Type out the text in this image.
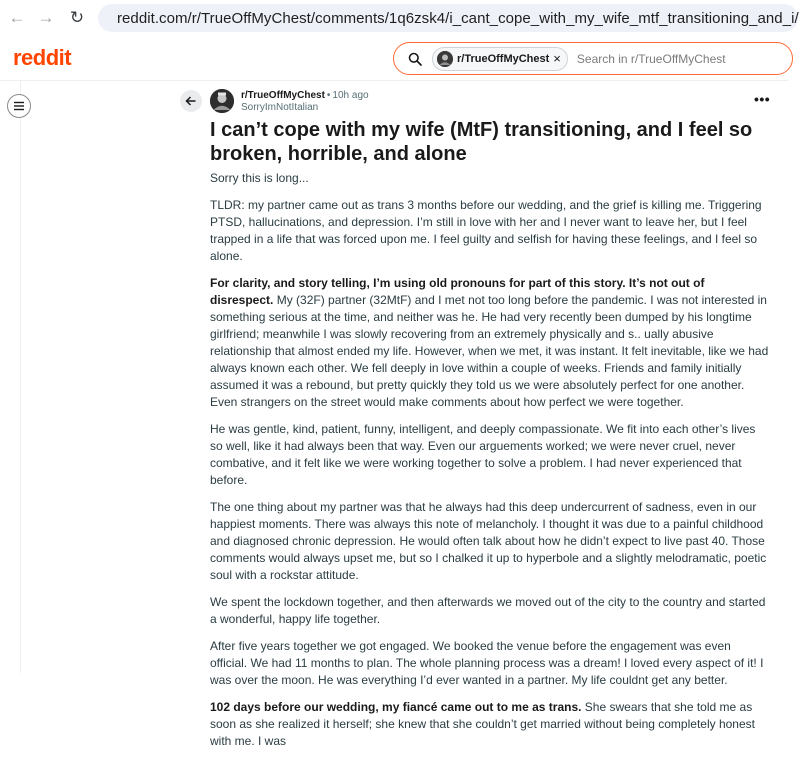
← → ↻	reddit.com/r/TrueOffMyChest/comments/1q6zsk4/i_cant_cope_with_my_wife_mtf_transitioning_and_i/
reddit	r/TrueOffMyChest ×
Search in r/TrueOffMyChest
r/TrueOffMyChest • 10h ago
SorryImNotItalian
•••
I can’t cope with my wife (MtF) transitioning, and I feel so broken, horrible, and alone

Sorry this is long...

TLDR: my partner came out as trans 3 months before our wedding, and the grief is killing me. Triggering PTSD, hallucinations, and depression. I’m still in love with her and I never want to leave her, but I feel trapped in a life that was forced upon me. I feel guilty and selfish for having these feelings, and I feel so alone.

For clarity, and story telling, I’m using old pronouns for part of this story. It’s not out of disrespect. My (32F) partner (32MtF) and I met not too long before the pandemic. I was not interested in something serious at the time, and neither was he. He had very recently been dumped by his longtime girlfriend; meanwhile I was slowly recovering from an extremely physically and s.. ually abusive relationship that almost ended my life. However, when we met, it was instant. It felt inevitable, like we had always known each other. We fell deeply in love within a couple of weeks. Friends and family initially assumed it was a rebound, but pretty quickly they told us we were absolutely perfect for one another. Even strangers on the street would make comments about how perfect we were together.

He was gentle, kind, patient, funny, intelligent, and deeply compassionate. We fit into each other’s lives so well, like it had always been that way. Even our arguements worked; we were never cruel, never combative, and it felt like we were working together to solve a problem. I had never experienced that before.

The one thing about my partner was that he always had this deep undercurrent of sadness, even in our happiest moments. There was always this note of melancholy. I thought it was due to a painful childhood and diagnosed chronic depression. He would often talk about how he didn’t expect to live past 40. Those comments would always upset me, but so I chalked it up to hyperbole and a slightly melodramatic, poetic soul with a rockstar attitude.

We spent the lockdown together, and then afterwards we moved out of the city to the country and started a wonderful, happy life together.

After five years together we got engaged. We booked the venue before the engagement was even official. We had 11 months to plan. The whole planning process was a dream! I loved every aspect of it! I was over the moon. He was everything I’d ever wanted in a partner. My life couldnt get any better.

102 days before our wedding, my fiancé came out to me as trans. She swears that she told me as soon as she realized it herself; she knew that she couldn’t get married without being completely honest with me. I was
